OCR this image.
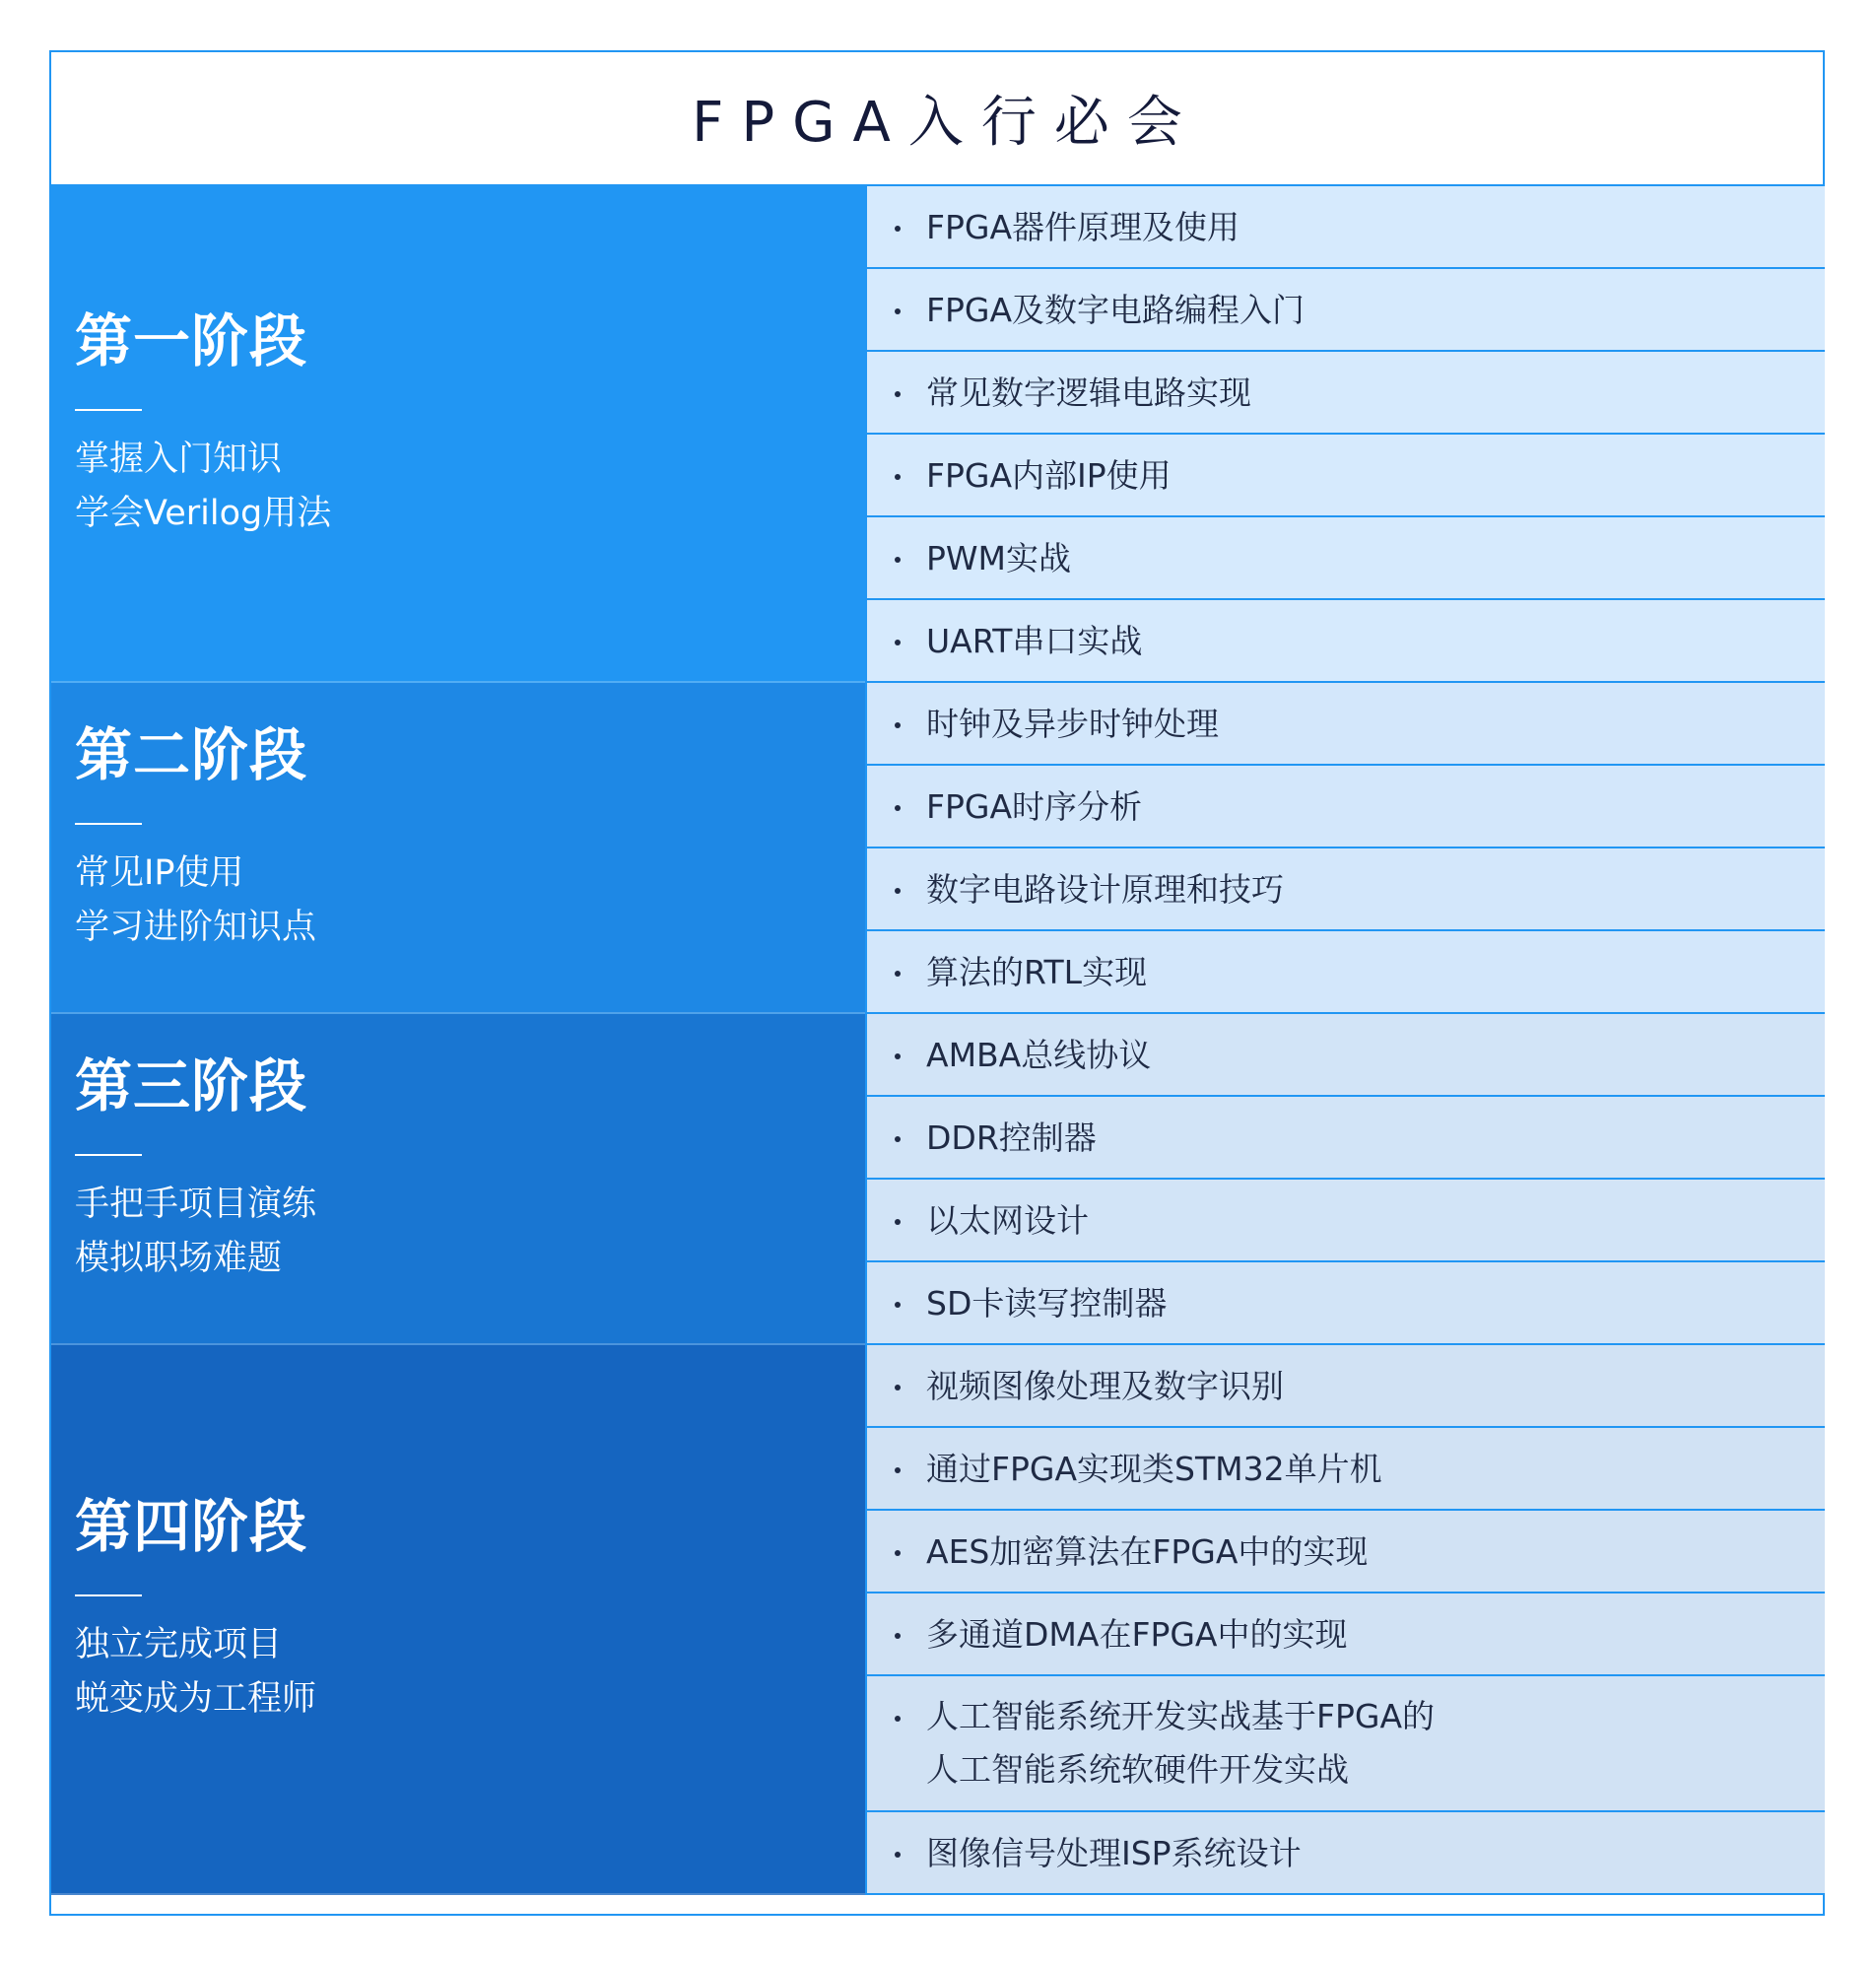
FPGA入行必会
第一阶段
掌握入门知识
学会Verilog用法
第二阶段
常见IP使用
学习进阶知识点
第三阶段
手把手项目演练
模拟职场难题
第四阶段
独立完成项目
蜕变成为工程师
FPGA器件原理及使用
FPGA及数字电路编程入门
常见数字逻辑电路实现
FPGA内部IP使用
PWM实战
UART串口实战
时钟及异步时钟处理
FPGA时序分析
数字电路设计原理和技巧
算法的RTL实现
AMBA总线协议
DDR控制器
以太网设计
SD卡读写控制器
视频图像处理及数字识别
通过FPGA实现类STM32单片机
AES加密算法在FPGA中的实现
多通道DMA在FPGA中的实现
人工智能系统开发实战基于FPGA的
人工智能系统软硬件开发实战
图像信号处理ISP系统设计
